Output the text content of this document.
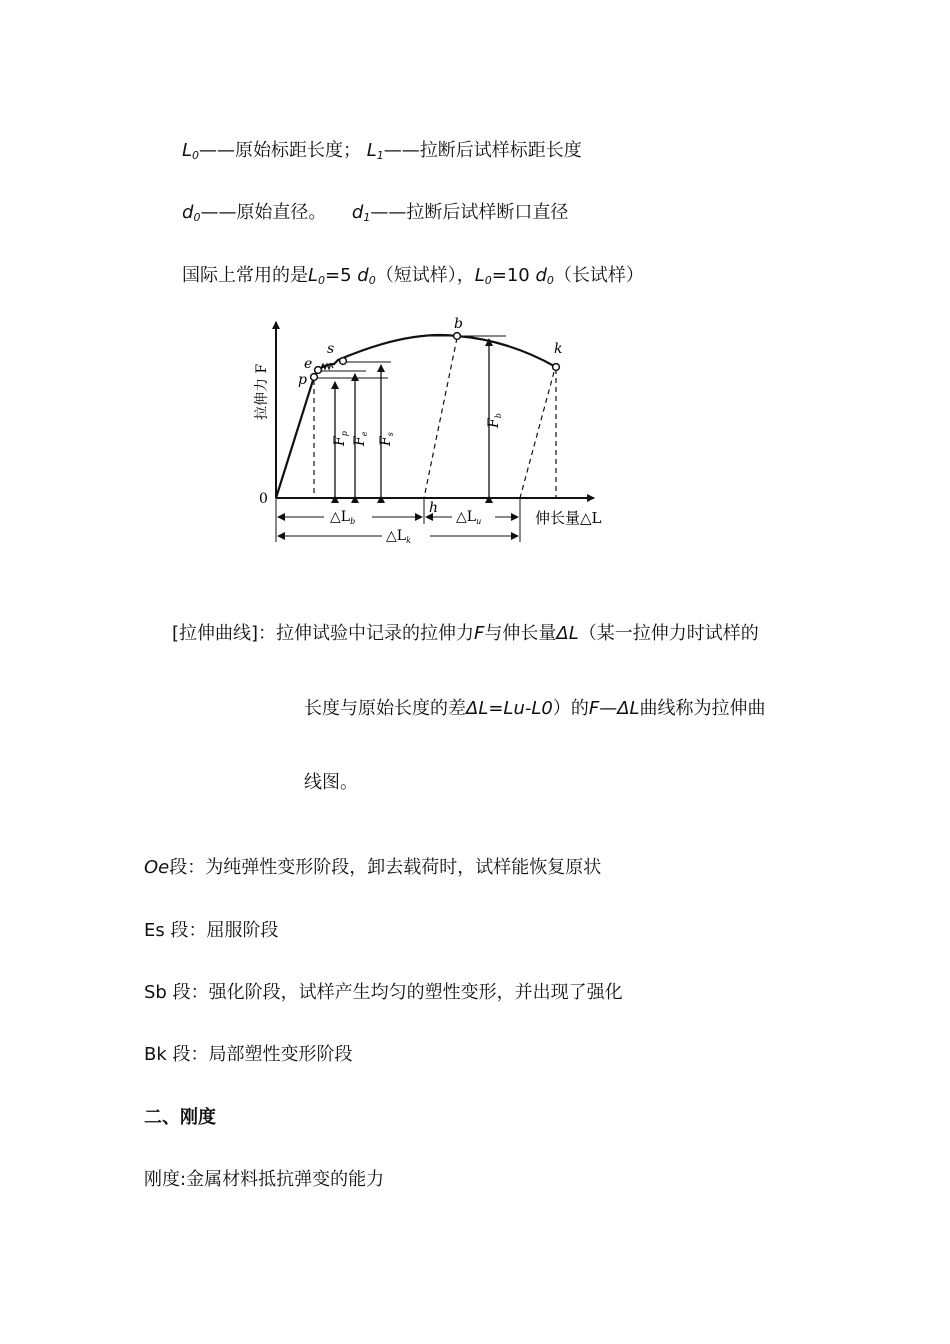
$L_0——$原始标距长度； $L_1——$拉断后试样标距长度
$d_0——$原始直径。 $d_1——$拉断后试样断口直径
国际上常用的是$L_0=5$ $d_0$（短试样），$L_0=10$ $d_0$（长试样）
p
e
s
b
k
h
0
拉伸力 F
伸长量△L
$F_p$
$F_e$
$F_s$
$F_b$
$\triangle L_b$	$\triangle L_u$
$\triangle L_k$
[拉伸曲线]：拉伸试验中记录的拉伸力F与伸长量ΔL（某一拉伸力时试样的
长度与原始长度的差ΔL=Lu-L0）的F—ΔL曲线称为拉伸曲
线图。
Oe段：为纯弹性变形阶段，卸去载荷时，试样能恢复原状
Es 段：屈服阶段
Sb 段：强化阶段，试样产生均匀的塑性变形，并出现了强化
Bk 段：局部塑性变形阶段
二、刚度
刚度:金属材料抵抗弹变的能力
